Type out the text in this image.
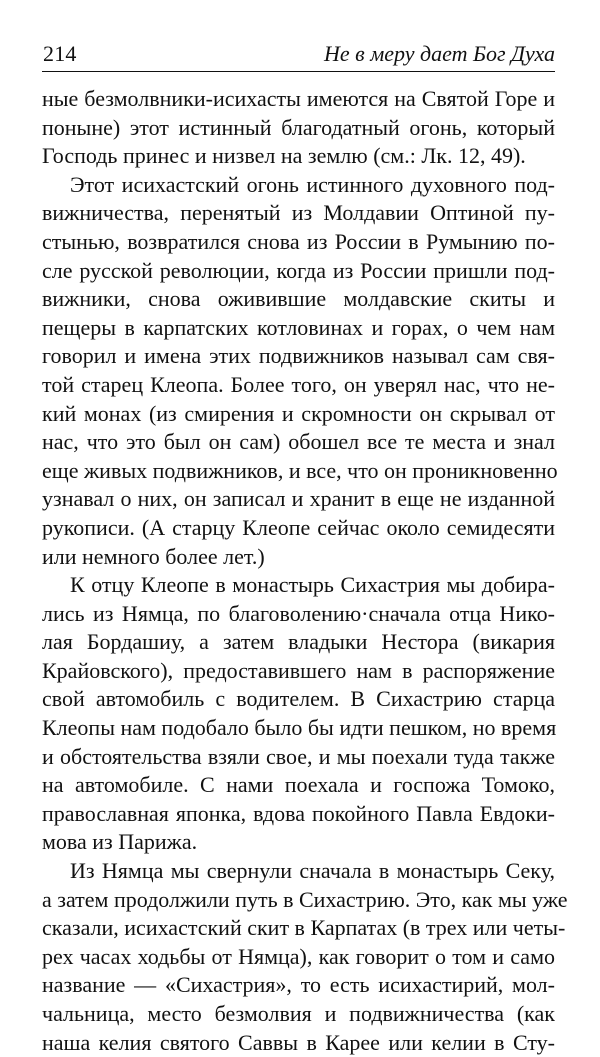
214	Не в меру дает Бог Духа
ные безмолвники-исихасты имеются на Святой Горе и
поныне) этот истинный благодатный огонь, который
Господь принес и низвел на землю (см.: Лк. 12, 49).
Этот исихастский огонь истинного духовного под-
вижничества, перенятый из Молдавии Оптиной пу-
стынью, возвратился снова из России в Румынию по-
сле русской революции, когда из России пришли под-
вижники, снова оживившие молдавские скиты и
пещеры в карпатских котловинах и горах, о чем нам
говорил и имена этих подвижников называл сам свя-
той старец Клеопа. Более того, он уверял нас, что не-
кий монах (из смирения и скромности он скрывал от
нас, что это был он сам) обошел все те места и знал
еще живых подвижников, и все, что он проникновенно
узнавал о них, он записал и хранит в еще не изданной
рукописи. (А старцу Клеопе сейчас около семидесяти
или немного более лет.)
К отцу Клеопе в монастырь Сихастрия мы добира-
лись из Нямца, по благоволению·сначала отца Нико-
лая Бордашиу, а затем владыки Нестора (викария
Крайовского), предоставившего нам в распоряжение
свой автомобиль с водителем. В Сихастрию старца
Клеопы нам подобало было бы идти пешком, но время
и обстоятельства взяли свое, и мы поехали туда также
на автомобиле. С нами поехала и госпожа Томоко,
православная японка, вдова покойного Павла Евдоки-
мова из Парижа.
Из Нямца мы свернули сначала в монастырь Секу,
а затем продолжили путь в Сихастрию. Это, как мы уже
сказали, исихастский скит в Карпатах (в трех или четы-
рех часах ходьбы от Нямца), как говорит о том и само
название — «Сихастрия», то есть исихастирий, мол-
чальница, место безмолвия и подвижничества (как
наша келия святого Саввы в Карее или келии в Сту-
